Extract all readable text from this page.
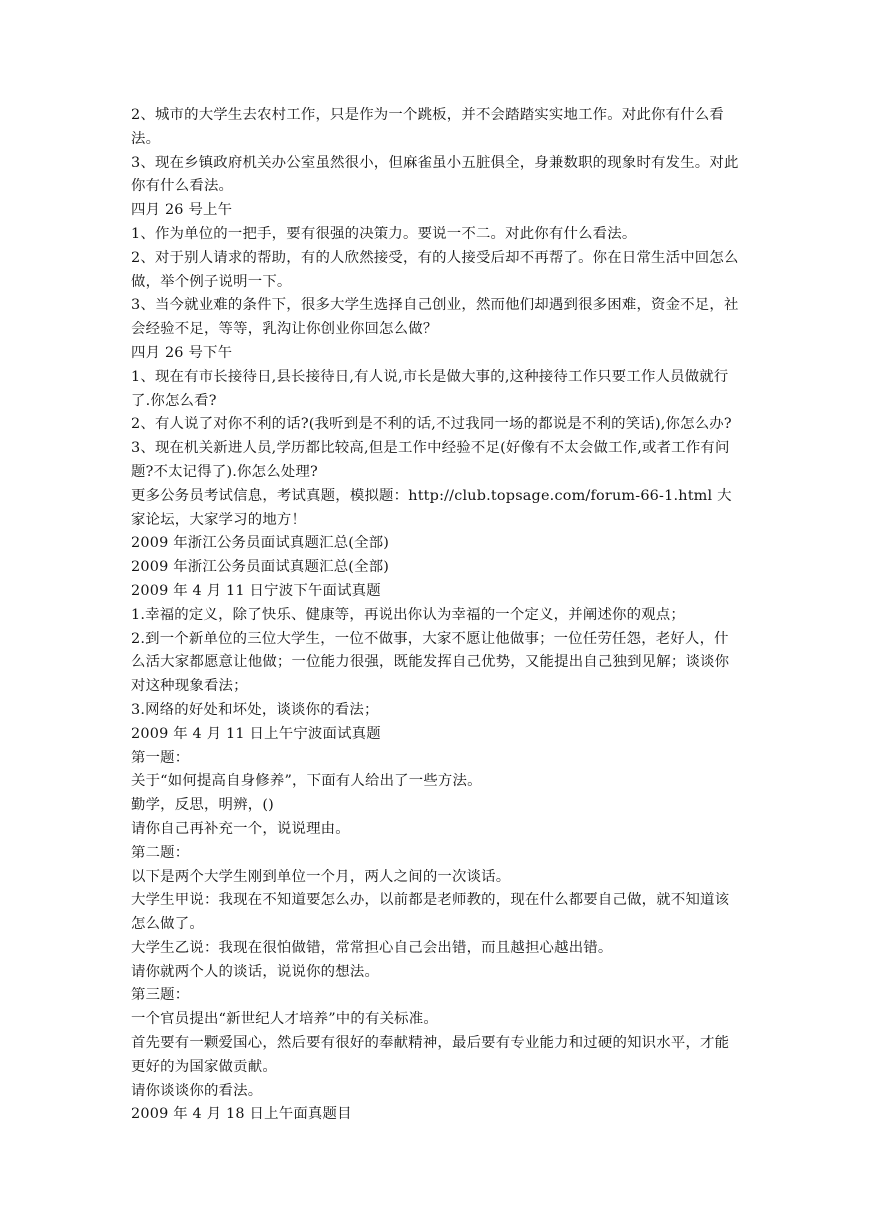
2、城市的大学生去农村工作，只是作为一个跳板，并不会踏踏实实地工作。对此你有什么看法。

3、现在乡镇政府机关办公室虽然很小，但麻雀虽小五脏俱全，身兼数职的现象时有发生。对此你有什么看法。

四月 26 号上午

1、作为单位的一把手，要有很强的决策力。要说一不二。对此你有什么看法。

2、对于别人请求的帮助，有的人欣然接受，有的人接受后却不再帮了。你在日常生活中回怎么做，举个例子说明一下。

3、当今就业难的条件下，很多大学生选择自己创业，然而他们却遇到很多困难，资金不足，社会经验不足，等等，乳沟让你创业你回怎么做？

四月 26 号下午

1、现在有市长接待日,县长接待日,有人说,市长是做大事的,这种接待工作只要工作人员做就行了.你怎么看?

2、有人说了对你不利的话?(我听到是不利的话,不过我同一场的都说是不利的笑话),你怎么办?

3、现在机关新进人员,学历都比较高,但是工作中经验不足(好像有不太会做工作,或者工作有问题?不太记得了).你怎么处理?

更多公务员考试信息，考试真题，模拟题：http://club.topsage.com/forum-66-1.html 大家论坛，大家学习的地方！

2009 年浙江公务员面试真题汇总(全部)

2009 年浙江公务员面试真题汇总(全部)

2009 年 4 月 11 日宁波下午面试真题

1.幸福的定义，除了快乐、健康等，再说出你认为幸福的一个定义，并阐述你的观点；

2.到一个新单位的三位大学生，一位不做事，大家不愿让他做事；一位任劳任怨，老好人，什么活大家都愿意让他做；一位能力很强，既能发挥自己优势，又能提出自己独到见解；谈谈你对这种现象看法；

3.网络的好处和坏处，谈谈你的看法；

2009 年 4 月 11 日上午宁波面试真题

第一题：

关于“如何提高自身修养”，下面有人给出了一些方法。

勤学，反思，明辨，()

请你自己再补充一个，说说理由。

第二题：

以下是两个大学生刚到单位一个月，两人之间的一次谈话。

大学生甲说：我现在不知道要怎么办，以前都是老师教的，现在什么都要自己做，就不知道该怎么做了。

大学生乙说：我现在很怕做错，常常担心自己会出错，而且越担心越出错。

请你就两个人的谈话，说说你的想法。

第三题：

一个官员提出“新世纪人才培养”中的有关标准。

首先要有一颗爱国心，然后要有很好的奉献精神，最后要有专业能力和过硬的知识水平，才能更好的为国家做贡献。

请你谈谈你的看法。

2009 年 4 月 18 日上午面真题目
